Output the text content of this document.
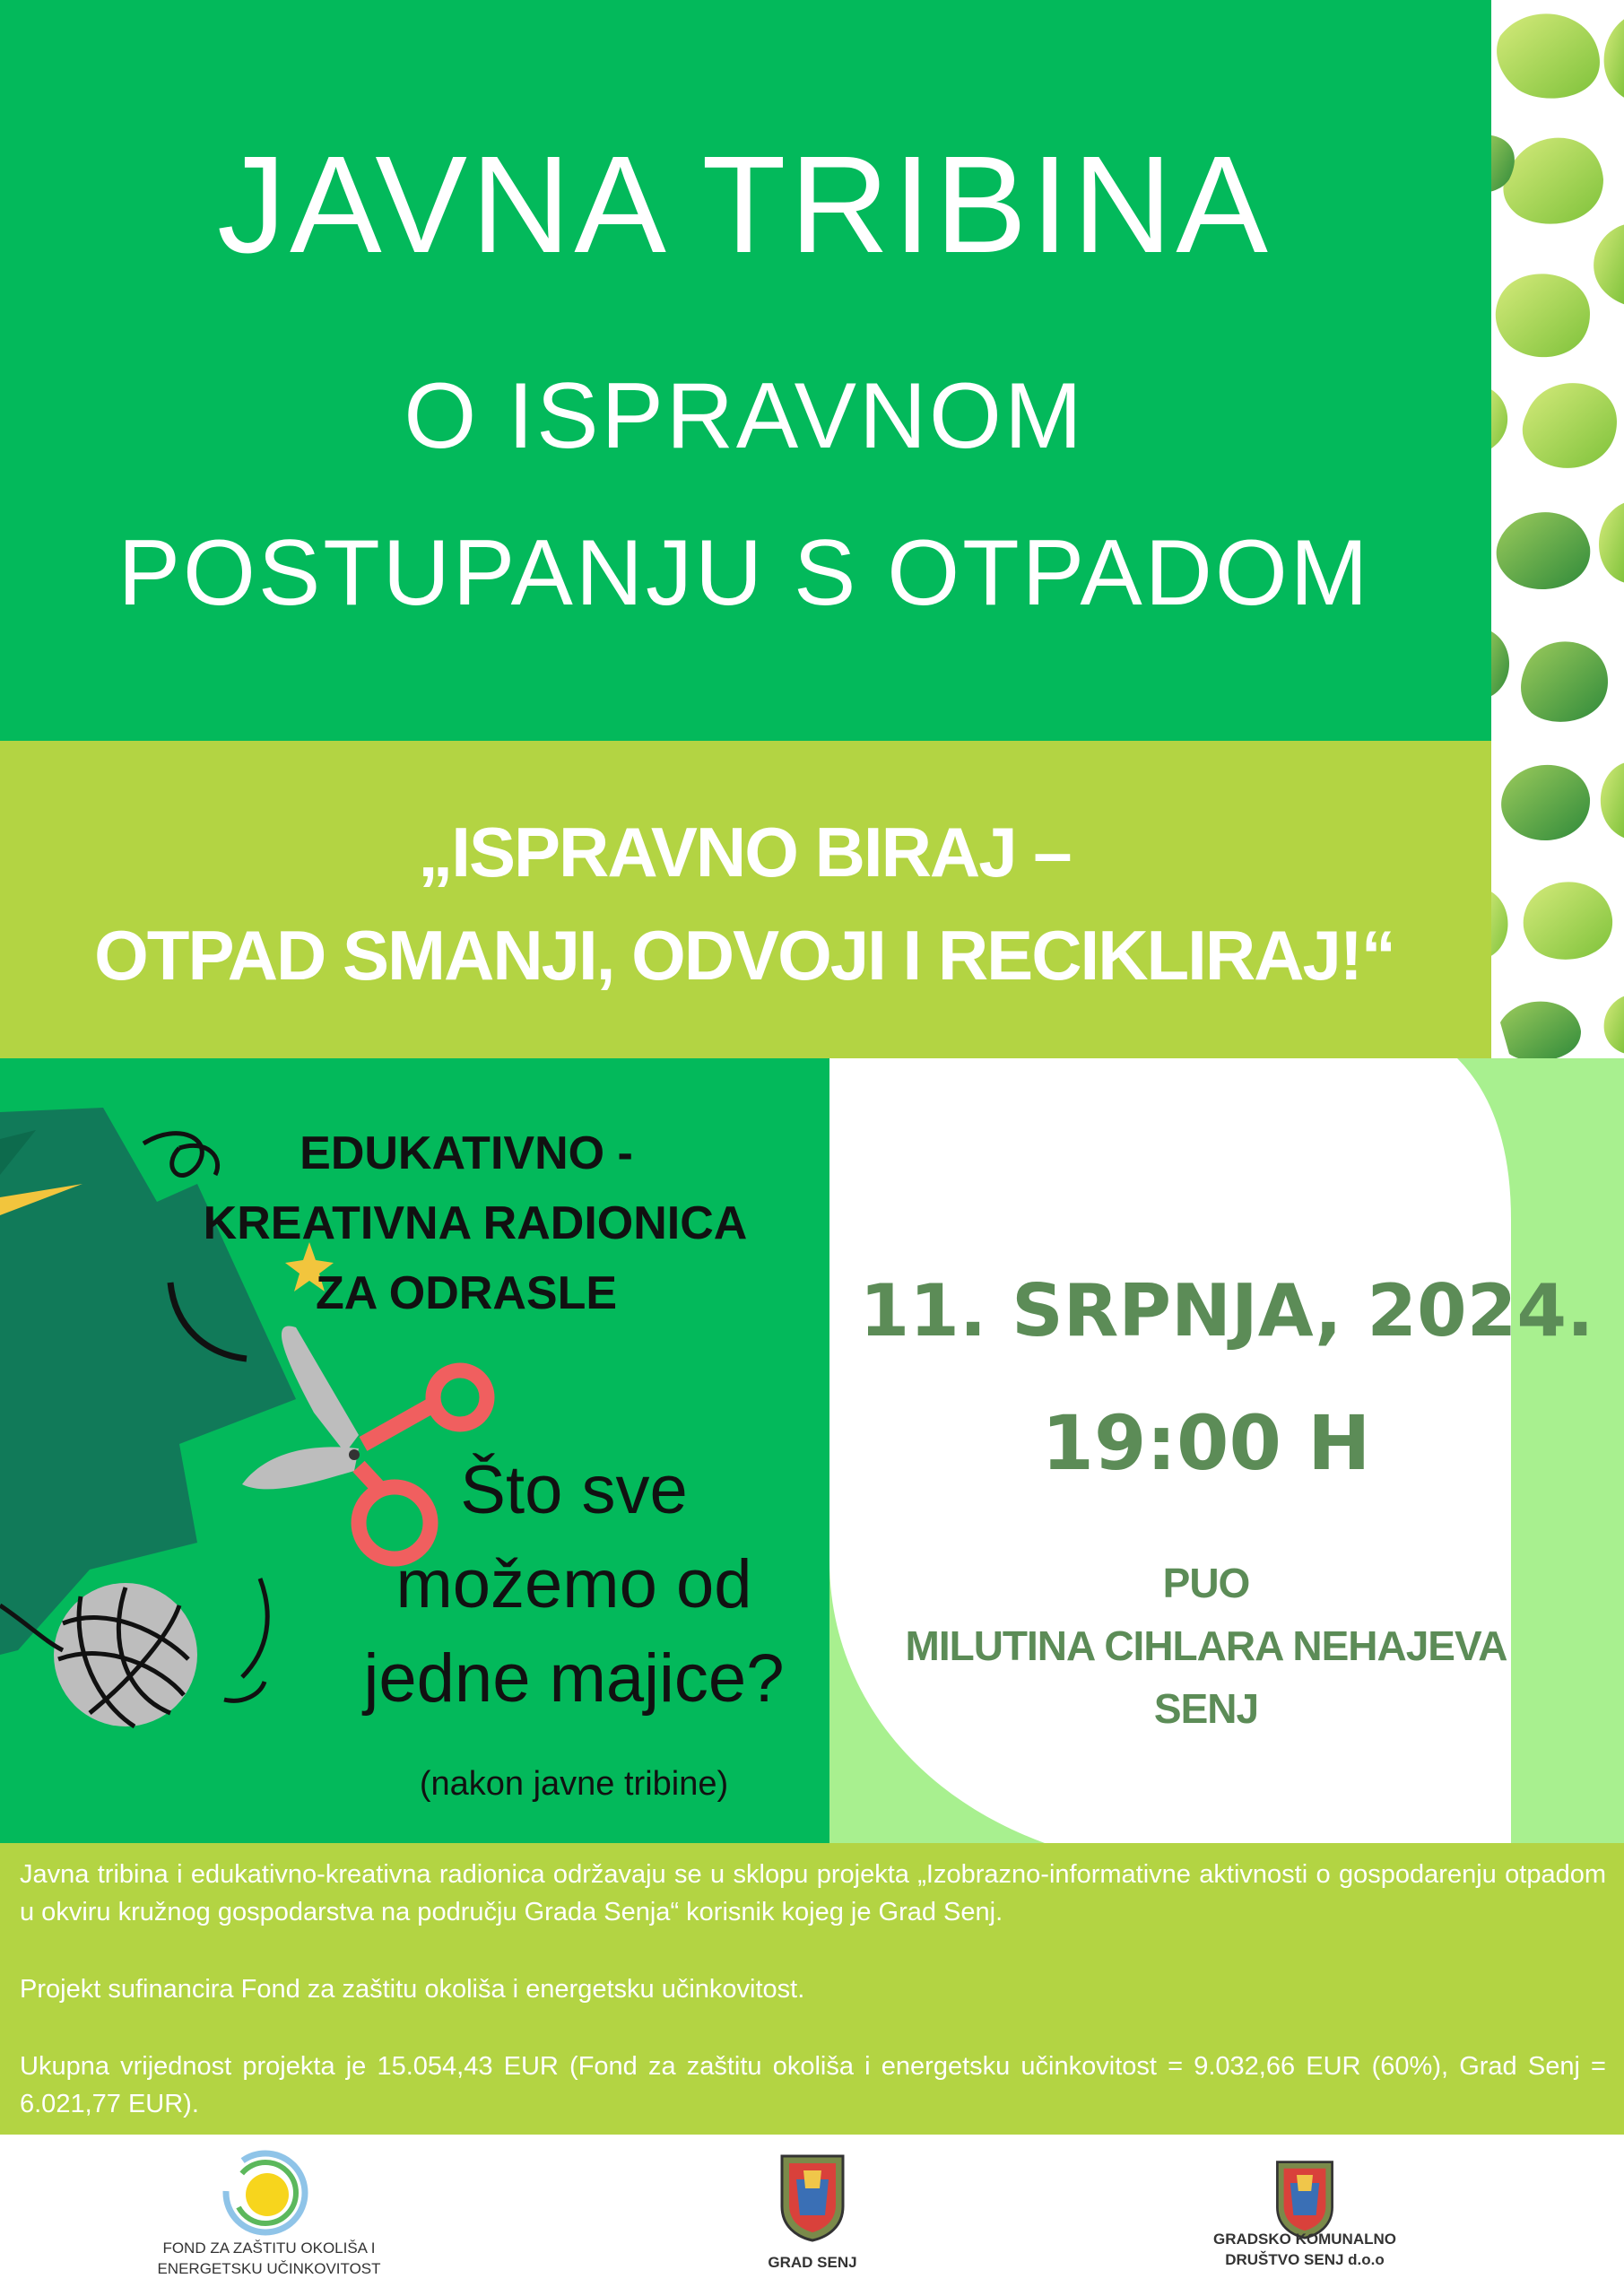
JAVNA TRIBINA
O ISPRAVNOM
POSTUPANJU S OTPADOM
„ISPRAVNO BIRAJ –
OTPAD SMANJI, ODVOJI I RECIKLIRAJ!“
EDUKATIVNO -
KREATIVNA RADIONICA
ZA ODRASLE
Što sve
možemo od
jedne majice?
(nakon javne tribine)
11. SRPNJA, 2024.
19:00 H
PUO
MILUTINA CIHLARA NEHAJEVA
SENJ

Javna tribina i edukativno-kreativna radionica održavaju se u sklopu projekta „Izobrazno-informativne aktivnosti o gospodarenju otpadom u okviru kružnog gospodarstva na području Grada Senja“ korisnik kojeg je Grad Senj.

Projekt sufinancira Fond za zaštitu okoliša i energetsku učinkovitost.

Ukupna vrijednost projekta je 15.054,43 EUR (Fond za zaštitu okoliša i energetsku učinkovitost = 9.032,66 EUR (60%), Grad Senj = 6.021,77 EUR).

FOND ZA ZAŠTITU OKOLIŠA I
ENERGETSKU UČINKOVITOST	GRAD SENJ
GRADSKO KOMUNALNO
DRUŠTVO SENJ d.o.o
